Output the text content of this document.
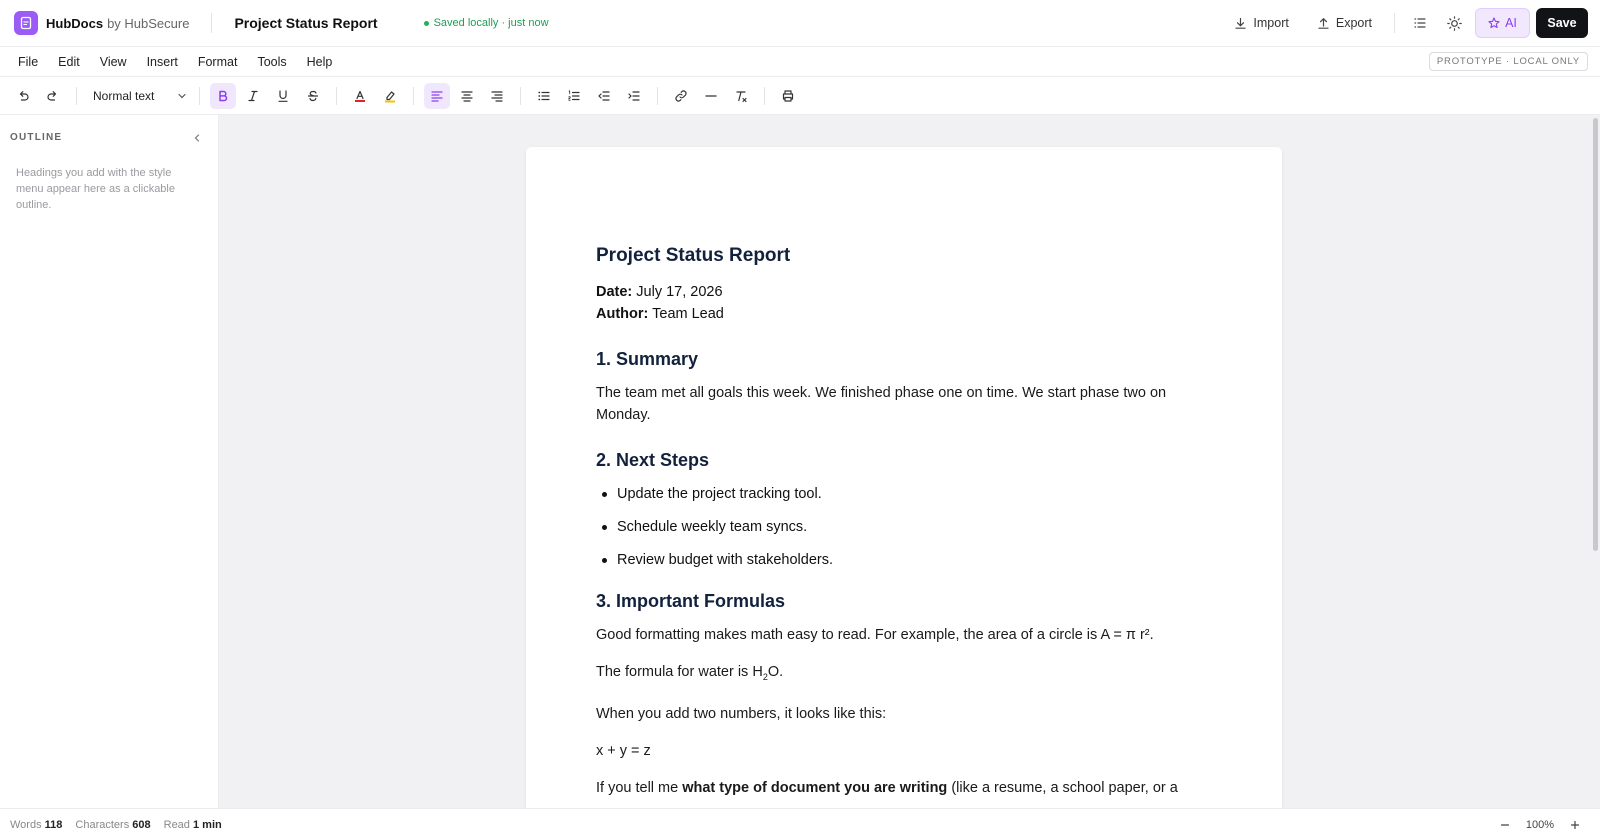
HubDocs by HubSecure	Project Status Report	Saved locally · just now	Import	Export	AI	Save
File Edit View Insert Format Tools Help	PROTOTYPE · LOCAL ONLY
Normal text
OUTLINE
Headings you add with the style menu appear here as a clickable outline.
Project Status Report
Date: July 17, 2026
Author: Team Lead
1. Summary
The team met all goals this week. We finished phase one on time. We start phase two on Monday.
2. Next Steps
Update the project tracking tool.
Schedule weekly team syncs.
Review budget with stakeholders.
3. Important Formulas
Good formatting makes math easy to read. For example, the area of a circle is A = π r².
The formula for water is $H_2O$.
When you add two numbers, it looks like this:
x + y = z
If you tell me what type of document you are writing (like a resume, a school paper, or a
Words 118 Characters 608 Read 1 min	100%
